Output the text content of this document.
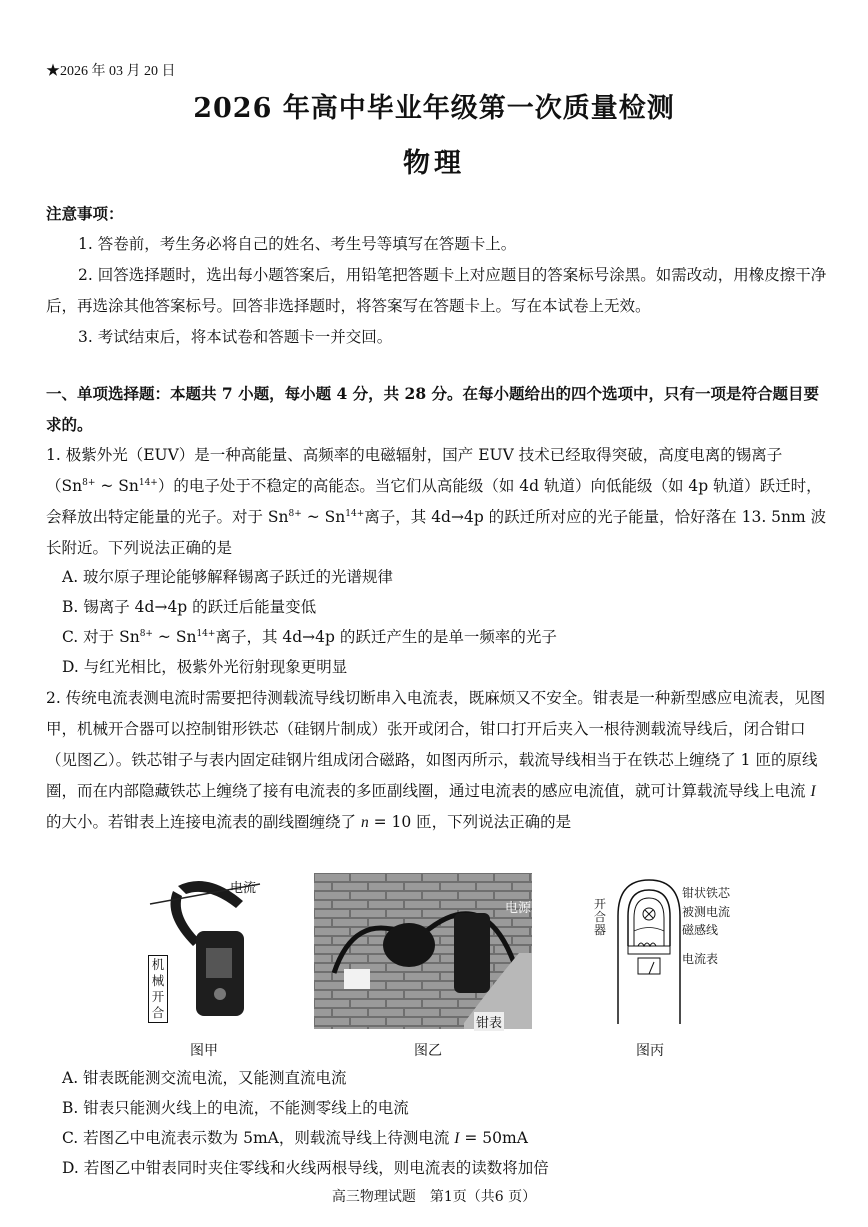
★2026 年 03 月 20 日
2026 年高中毕业年级第一次质量检测
物理
注意事项：
1. 答卷前，考生务必将自己的姓名、考生号等填写在答题卡上。
2. 回答选择题时，选出每小题答案后，用铅笔把答题卡上对应题目的答案标号涂黑。如需改动，用橡皮擦干净后，再选涂其他答案标号。回答非选择题时，将答案写在答题卡上。写在本试卷上无效。
3. 考试结束后，将本试卷和答题卡一并交回。
一、单项选择题：本题共 7 小题，每小题 4 分，共 28 分。在每小题给出的四个选项中，只有一项是符合题目要求的。
1. 极紫外光（EUV）是一种高能量、高频率的电磁辐射，国产 EUV 技术已经取得突破，高度电离的锡离子（$Sn^{8+}$ ~ $Sn^{14+}$）的电子处于不稳定的高能态。当它们从高能级（如 4d 轨道）向低能级（如 4p 轨道）跃迁时，会释放出特定能量的光子。对于 $Sn^{8+}$ ~ $Sn^{14+}$离子，其 4d→4p 的跃迁所对应的光子能量，恰好落在 13. 5nm 波长附近。下列说法正确的是
A. 玻尔原子理论能够解释锡离子跃迁的光谱规律
B. 锡离子 4d→4p 的跃迁后能量变低
C. 对于 $Sn^{8+}$ ~ $Sn^{14+}$离子，其 4d→4p 的跃迁产生的是单一频率的光子
D. 与红光相比，极紫外光衍射现象更明显
2. 传统电流表测电流时需要把待测载流导线切断串入电流表，既麻烦又不安全。钳表是一种新型感应电流表，见图甲，机械开合器可以控制钳形铁芯（硅钢片制成）张开或闭合，钳口打开后夹入一根待测载流导线后，闭合钳口（见图乙）。铁芯钳子与表内固定硅钢片组成闭合磁路，如图丙所示，载流导线相当于在铁芯上缠绕了 1 匝的原线圈，而在内部隐藏铁芯上缠绕了接有电流表的多匝副线圈，通过电流表的感应电流值，就可计算载流导线上电流 I 的大小。若钳表上连接电流表的副线圈缠绕了 n = 10 匝，下列说法正确的是
电流
机械开合
图甲
电源
钳表
图乙
开合器
钳状铁芯
被测电流
磁感线
电流表
图丙
A. 钳表既能测交流电流，又能测直流电流
B. 钳表只能测火线上的电流，不能测零线上的电流
C. 若图乙中电流表示数为 5mA，则载流导线上待测电流 I = 50mA
D. 若图乙中钳表同时夹住零线和火线两根导线，则电流表的读数将加倍
高三物理试题　第1页（共6 页）
